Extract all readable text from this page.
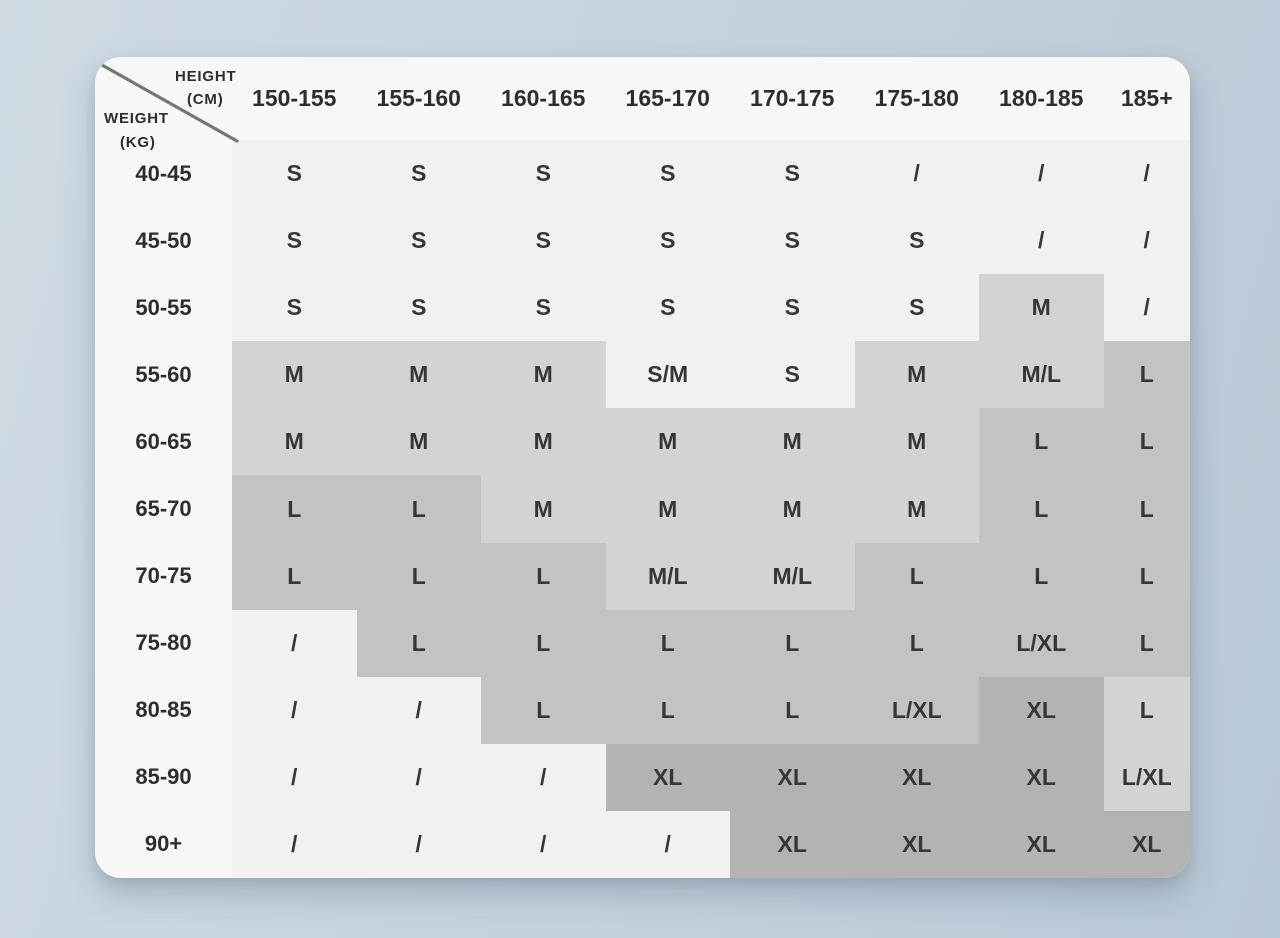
HEIGHT
(CM)
WEIGHT
(KG)
150-155	155-160	160-165	165-170	170-175	175-180	180-185	185+
40-45	S	S	S	S	S	/	/	/
45-50	S	S	S	S	S	S	/	/
50-55	S	S	S	S	S	S	M	/
55-60	M	M	M	S/M	S	M	M/L	L
60-65	M	M	M	M	M	M	L	L
65-70	L	L	M	M	M	M	L	L
70-75	L	L	L	M/L	M/L	L	L	L
75-80	/	L	L	L	L	L	L/XL	L
80-85	/	/	L	L	L	L/XL	XL	L
85-90	/	/	/	XL	XL	XL	XL	L/XL
90+	/	/	/	/	XL	XL	XL	XL
